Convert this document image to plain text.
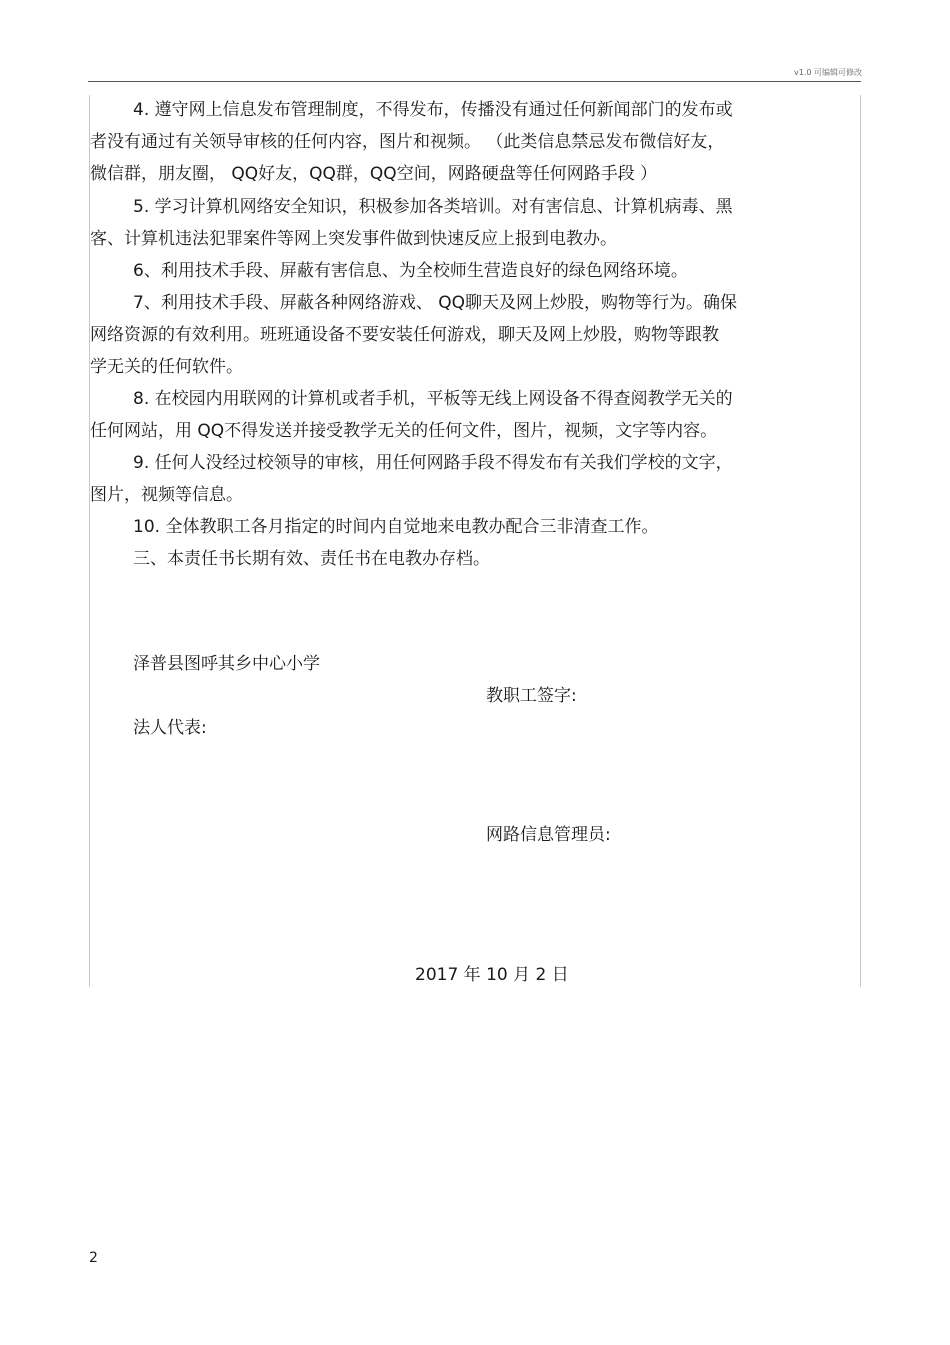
v1.0 可编辑可修改
4. 遵守网上信息发布管理制度，不得发布，传播没有通过任何新闻部门的发布或
者没有通过有关领导审核的任何内容，图片和视频。 （此类信息禁忌发布微信好友，
微信群，朋友圈， QQ好友，QQ群，QQ空间，网路硬盘等任何网路手段 ）
5. 学习计算机网络安全知识，积极参加各类培训。对有害信息、计算机病毒、黑
客、计算机违法犯罪案件等网上突发事件做到快速反应上报到电教办。
6、利用技术手段、屏蔽有害信息、为全校师生营造良好的绿色网络环境。
7、利用技术手段、屏蔽各种网络游戏、 QQ聊天及网上炒股，购物等行为。确保
网络资源的有效利用。班班通设备不要安装任何游戏，聊天及网上炒股，购物等跟教
学无关的任何软件。
8. 在校园内用联网的计算机或者手机，平板等无线上网设备不得查阅教学无关的
任何网站，用 QQ不得发送并接受教学无关的任何文件，图片，视频，文字等内容。
9. 任何人没经过校领导的审核，用任何网路手段不得发布有关我们学校的文字，
图片，视频等信息。
10. 全体教职工各月指定的时间内自觉地来电教办配合三非清查工作。
三、本责任书长期有效、责任书在电教办存档。
泽普县图呼其乡中心小学
教职工签字:
法人代表:
网路信息管理员:
2017 年 10 月 2 日
2
